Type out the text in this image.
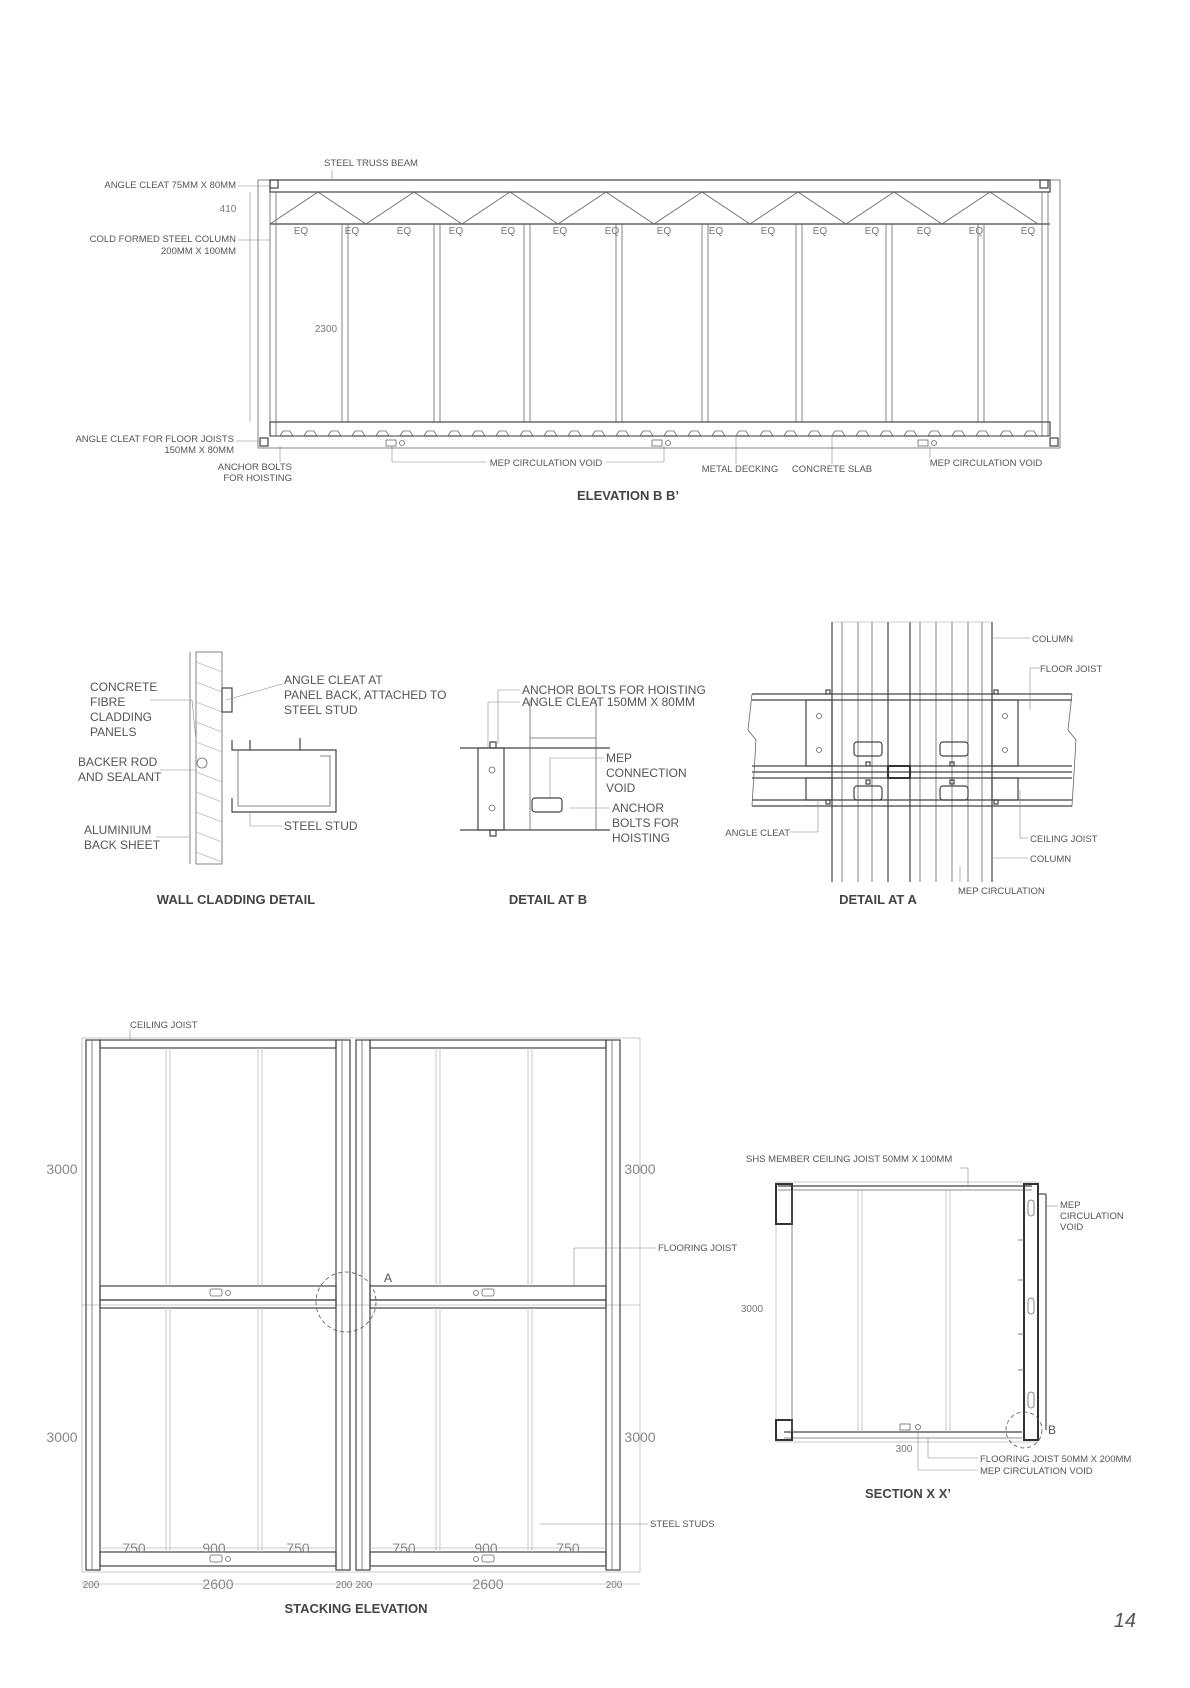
STEEL TRUSS BEAM
ANGLE CLEAT 75MM X 80MM
COLD FORMED STEEL COLUMN
200MM X 100MM
ANGLE CLEAT FOR FLOOR JOISTS
150MM X 80MM
ANCHOR BOLTS
FOR HOISTING
MEP CIRCULATION VOID
METAL DECKING CONCRETE SLAB
MEP CIRCULATION VOID
410
2300
EQ	EQ	EQ	EQ	EQ	EQ	EQ	EQ	EQ	EQ	EQ	EQ	EQ	EQ	EQ
ELEVATION B B’
CONCRETE
FIBRE
CLADDING
PANELS
ANGLE CLEAT AT
PANEL BACK, ATTACHED TO
STEEL STUD
BACKER ROD
AND SEALANT
STEEL STUD
ALUMINIUM
BACK SHEET
WALL CLADDING DETAIL
ANCHOR BOLTS FOR HOISTING
ANGLE CLEAT 150MM X 80MM
MEP
CONNECTION
VOID
ANCHOR
BOLTS FOR
HOISTING
DETAIL AT B
COLUMN
FLOOR JOIST
ANGLE CLEAT
CEILING JOIST
COLUMN
MEP CIRCULATION
DETAIL AT A
A
CEILING JOIST
FLOORING JOIST
STEEL STUDS
3000
3000
3000
3000
750	900	750	750	900	750
200	2600	200 200	2600	200
STACKING ELEVATION
B
SHS MEMBER CEILING JOIST 50MM X 100MM
MEP
CIRCULATION
VOID
FLOORING JOIST 50MM X 200MM
MEP CIRCULATION VOID
3000
300
SECTION X X’
14
